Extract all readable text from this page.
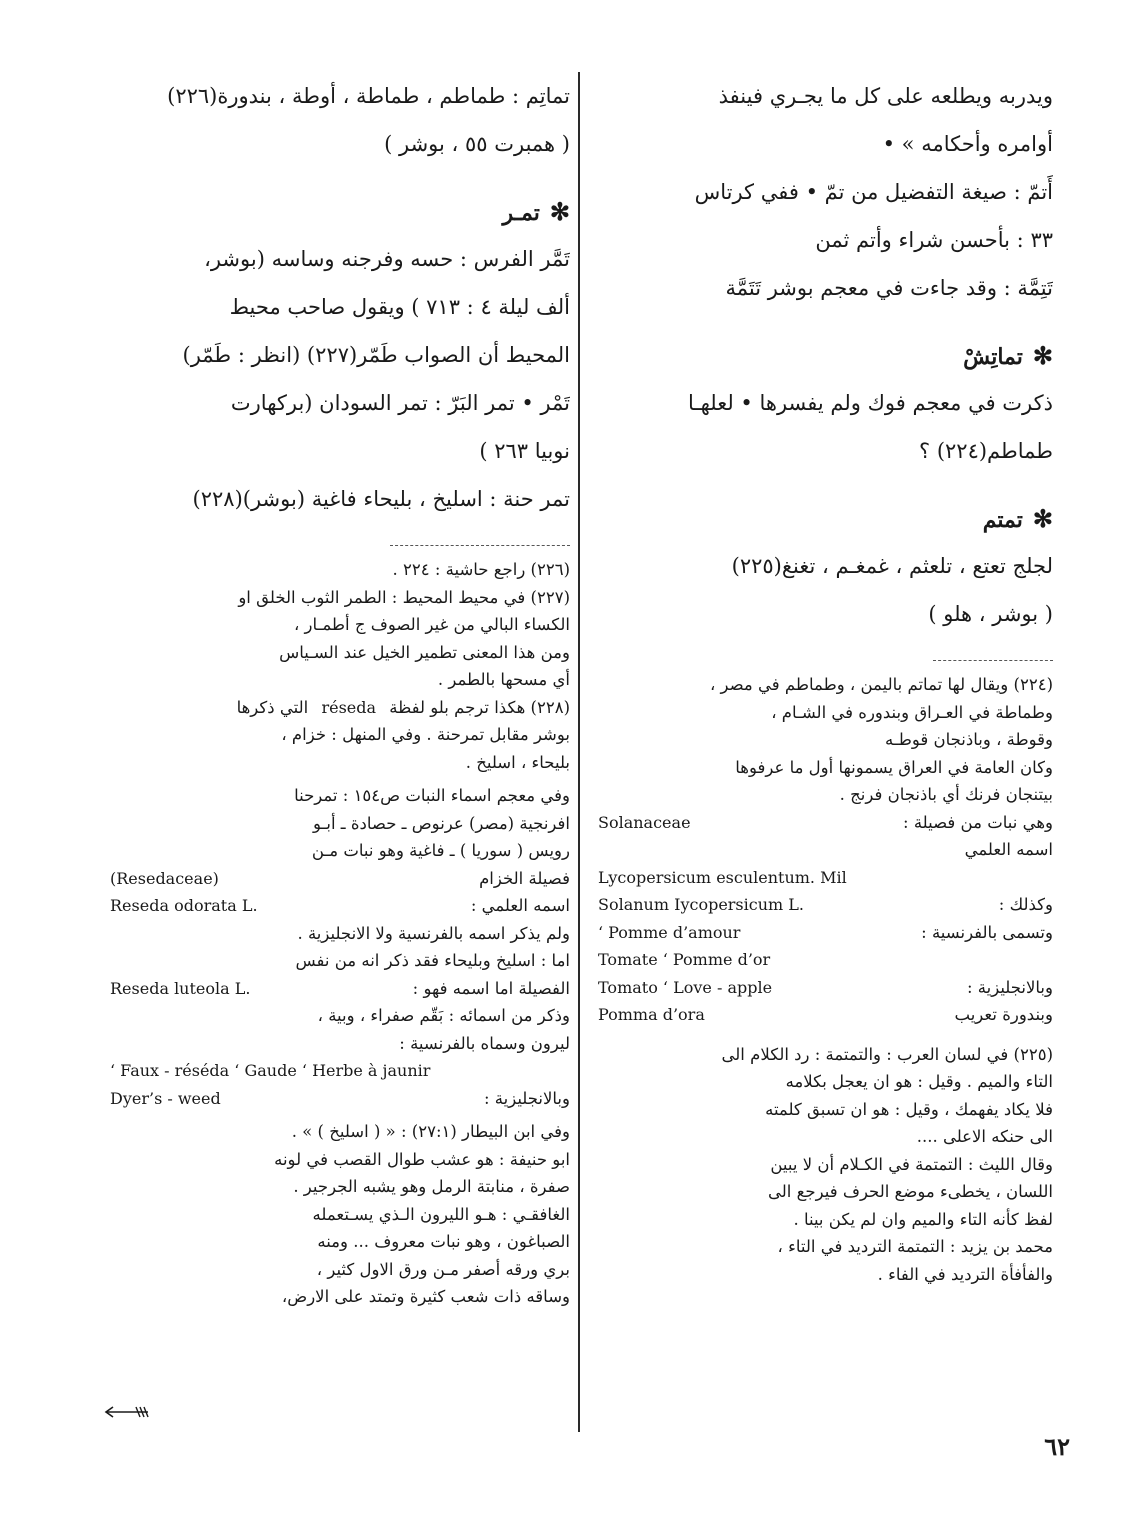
ويدربه ويطلعه على كل ما يجـري فينفذ
أوامره وأحكامه » •
أَتمّ : صيغة التفضيل من تمّ • ففي كرتاس
٣٣ : بأحسن شراء وأتم ثمن
تَتِمَّة : وقد جاءت في معجم بوشر تَتَمَّة
✻تماتِشْ
ذكرت في معجم فوك ولم يفسرها • لعلهـا
طماطم(٢٢٤) ؟
✻تمتم
لجلج تعتع ، تلعثم ، غمغـم ، تغنغ(٢٢٥)
( بوشر ، هلو )
(٢٢٤) ويقال لها تماتم باليمن ، وطماطم في مصر ،
وطماطة في العـراق وبندوره في الشـام ،
وقوطة ، وباذنجان قوطـه
وكان العامة في العراق يسمونها أول ما عرفوها
بيتنجان فرنك أي باذنجان فرنج .
وهي نبات من فصيلة :
Solanaceae
اسمه العلمي
Lycopersicum esculentum. Mil
وكذلك :
Solanum Iycopersicum L.
وتسمى بالفرنسية :
‘ Pomme d’amour
Tomate ‘ Pomme d’or
وبالانجليزية :
Tomato ‘ Love - apple
وبندورة تعريب
Pomma d’ora
(٢٢٥) في لسان العرب : والتمتمة : رد الكلام الى
التاء والميم . وقيل : هو ان يعجل بكلامه
فلا يكاد يفهمك ، وقيل : هو ان تسبق كلمته
الى حنكه الاعلى ....
وقال الليث : التمتمة في الكـلام أن لا يبين
اللسان ، يخطىء موضع الحرف فيرجع الى
لفظ كأنه التاء والميم وان لم يكن بينا .
محمد بن يزيد : التمتمة الترديد في التاء ،
والفأفأة الترديد في الفاء .
تماتِم : طماطم ، طماطة ، أوطة ، بندورة(٢٢٦)
( همبرت ٥٥ ، بوشر )
✻تمـر
تَمَّر الفرس : حسه وفرجنه وساسه (بوشر،
ألف ليلة ٤ : ٧١٣ ) ويقول صاحب محيط
المحيط أن الصواب طَمّر(٢٢٧) (انظر : طَمّر)
تَمْر • تمر البَرّ : تمر السودان (بركهارت
نوبيا ٢٦٣ )
تمر حنة : اسليخ ، بليحاء فاغية (بوشر)(٢٢٨)
(٢٢٦) راجع حاشية : ٢٢٤ .
(٢٢٧) في محيط المحيط : الطمر الثوب الخلق او
الكساء البالي من غير الصوف ج أطمـار ،
ومن هذا المعنى تطمير الخيل عند السـياس
أي مسحها بالطمر .
(٢٢٨) هكذا ترجم بلو لفظة réseda التي ذكرها
بوشر مقابل تمرحنة . وفي المنهل : خزام ،
بليحاء ، اسليخ .
وفي معجم اسماء النبات ص١٥٤ : تمرحنا
افرنجية (مصر) عرنوص ـ حصادة ـ أبـو
رويس ( سوريا ) ـ فاغية وهو نبات مـن
فصيلة الخزام
(Resedaceae)
اسمه العلمي :
Reseda odorata L.
ولم يذكر اسمه بالفرنسية ولا الانجليزية .
اما : اسليخ وبليحاء فقد ذكر انه من نفس
الفصيلة اما اسمه فهو :
Reseda luteola L.
وذكر من اسمائه : بَقّم صفراء ، وبية ،
ليرون وسماه بالفرنسية :
‘ Faux - réséda ‘ Gaude ‘ Herbe à jaunir
وبالانجليزية :
Dyer’s - weed
وفي ابن البيطار (٢٧:١) : « ( اسليخ ) » .
ابو حنيفة : هو عشب طوال القصب في لونه
صفرة ، منابتة الرمل وهو يشبه الجرجير .
الغافقـي : هـو الليرون الـذي يسـتعمله
الصباغون ، وهو نبات معروف ... ومنه
بري ورقه أصفر مـن ورق الاول كثير ،
وساقه ذات شعب كثيرة وتمتد على الارض،
٦٢
